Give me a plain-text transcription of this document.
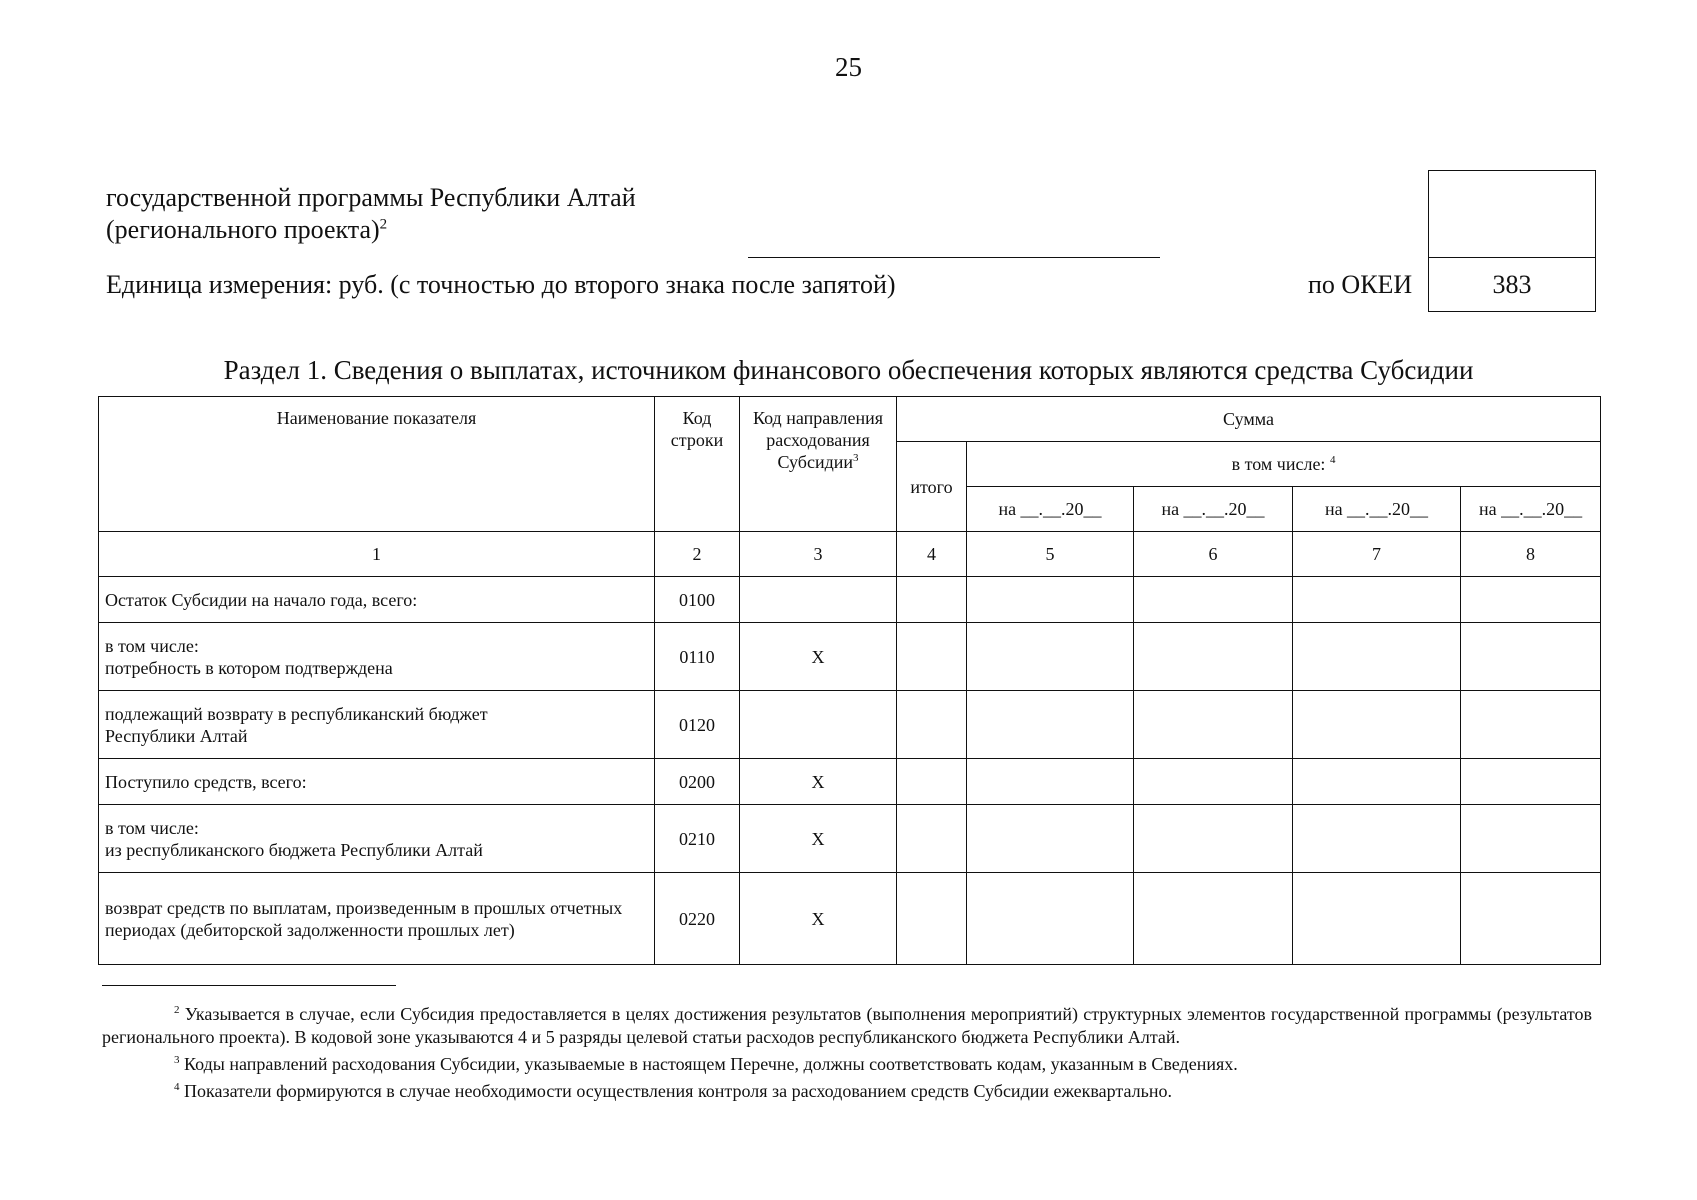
25
государственной программы Республики Алтай
(регионального проекта)$^2$
Единица измерения: руб. (с точностью до второго знака после запятой)	по ОКЕИ	383
Раздел 1. Сведения о выплатах, источником финансового обеспечения которых являются средства Субсидии
Наименование показателя	Код строки	Код направления расходования Субсидии$^3$	Сумма				
			итого	в том числе: $^4$
				на __.__.20__	на __.__.20__	на __.__.20__	на __.__.20__
1	2	3	4	5	6	7	8
Остаток Субсидии на начало года, всего:	0100						

в том числе:
потребность в котором подтверждена	0110	X					

подлежащий возврату в республиканский бюджет
Республики Алтай	0120						
Поступило средств, всего:	0200	X					

в том числе:
из республиканского бюджета Республики Алтай	0210	X					
возврат средств по выплатам, произведенным в прошлых отчетных периодах (дебиторской задолженности прошлых лет)	0220	X					

$^2$ Указывается в случае, если Субсидия предоставляется в целях достижения результатов (выполнения мероприятий) структурных элементов государственной программы (результатов регионального проекта). В кодовой зоне указываются 4 и 5 разряды целевой статьи расходов республиканского бюджета Республики Алтай.

$^3$ Коды направлений расходования Субсидии, указываемые в настоящем Перечне, должны соответствовать кодам, указанным в Сведениях.

$^4$ Показатели формируются в случае необходимости осуществления контроля за расходованием средств Субсидии ежеквартально.
